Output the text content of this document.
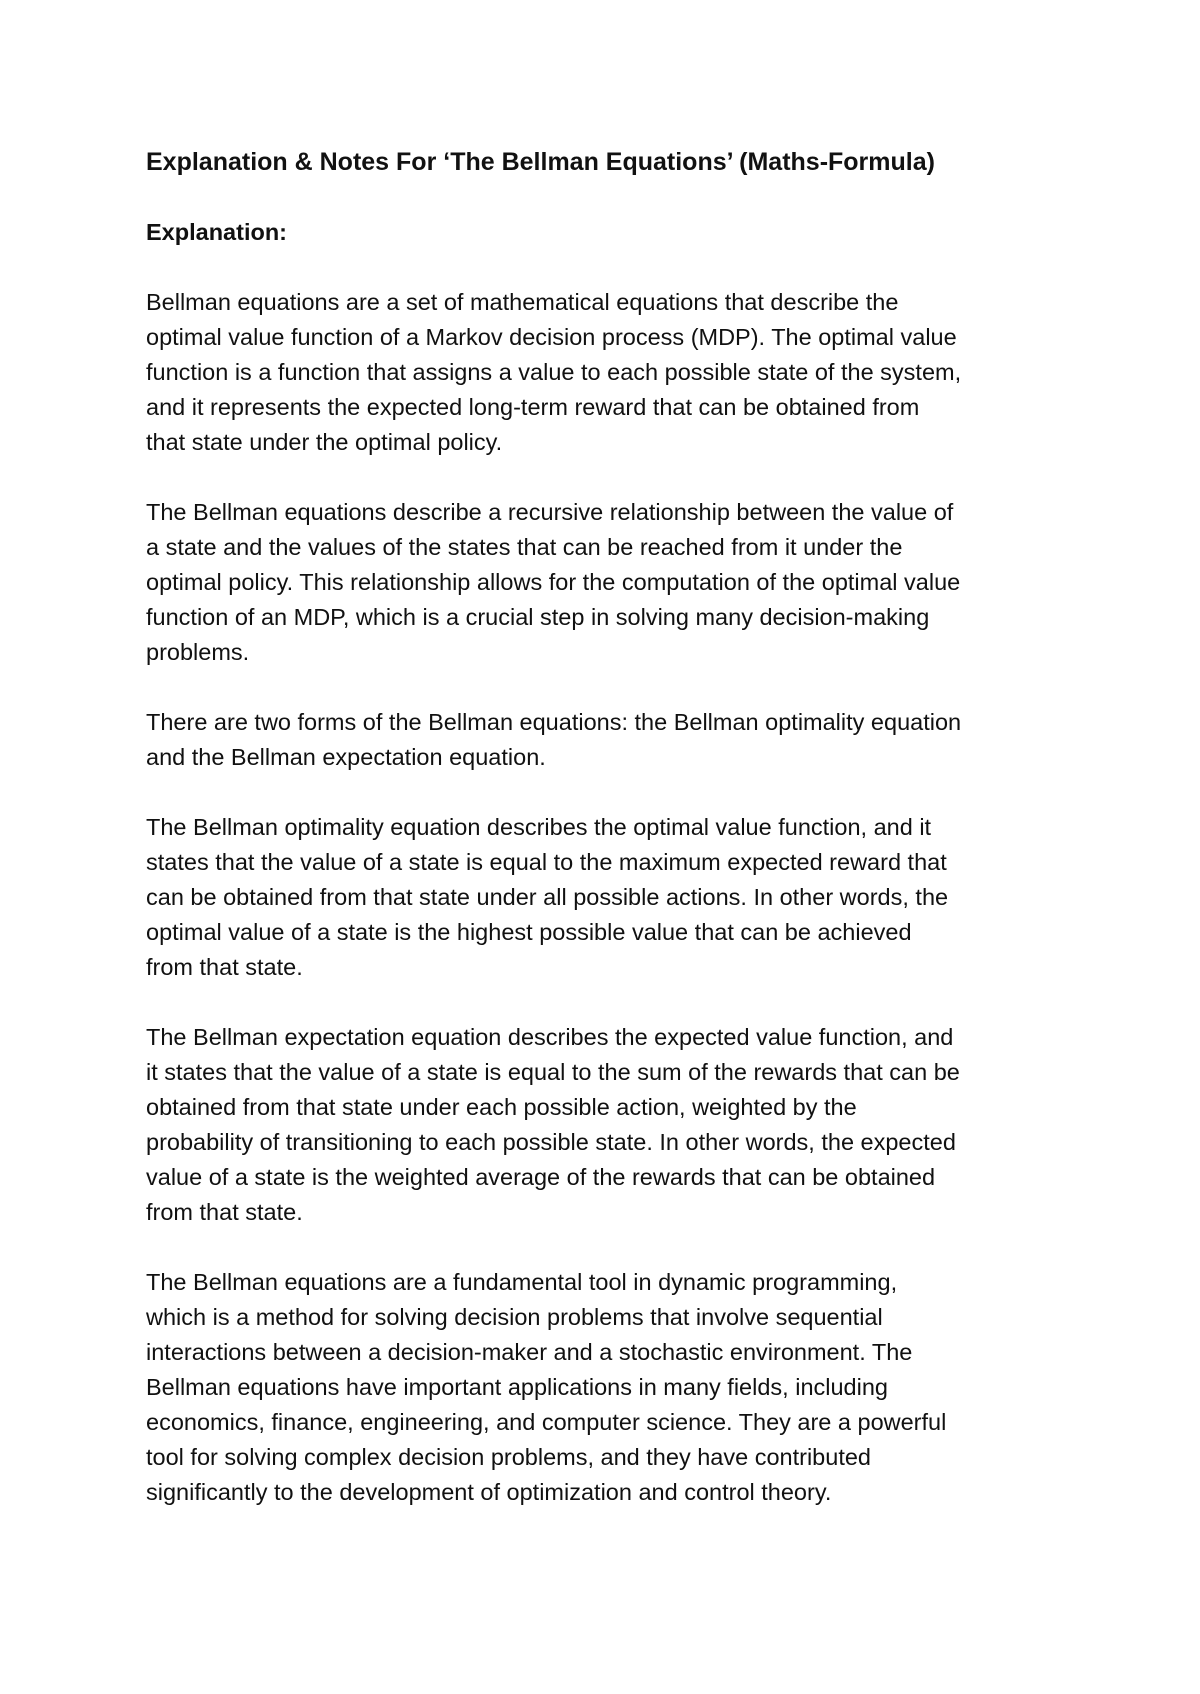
Explanation & Notes For ‘The Bellman Equations’ (Maths-Formula)
Explanation:

Bellman equations are a set of mathematical equations that describe the
optimal value function of a Markov decision process (MDP). The optimal value
function is a function that assigns a value to each possible state of the system,
and it represents the expected long-term reward that can be obtained from
that state under the optimal policy.

The Bellman equations describe a recursive relationship between the value of
a state and the values of the states that can be reached from it under the
optimal policy. This relationship allows for the computation of the optimal value
function of an MDP, which is a crucial step in solving many decision-making
problems.

There are two forms of the Bellman equations: the Bellman optimality equation
and the Bellman expectation equation.

The Bellman optimality equation describes the optimal value function, and it
states that the value of a state is equal to the maximum expected reward that
can be obtained from that state under all possible actions. In other words, the
optimal value of a state is the highest possible value that can be achieved
from that state.

The Bellman expectation equation describes the expected value function, and
it states that the value of a state is equal to the sum of the rewards that can be
obtained from that state under each possible action, weighted by the
probability of transitioning to each possible state. In other words, the expected
value of a state is the weighted average of the rewards that can be obtained
from that state.

The Bellman equations are a fundamental tool in dynamic programming,
which is a method for solving decision problems that involve sequential
interactions between a decision-maker and a stochastic environment. The
Bellman equations have important applications in many fields, including
economics, finance, engineering, and computer science. They are a powerful
tool for solving complex decision problems, and they have contributed
significantly to the development of optimization and control theory.
